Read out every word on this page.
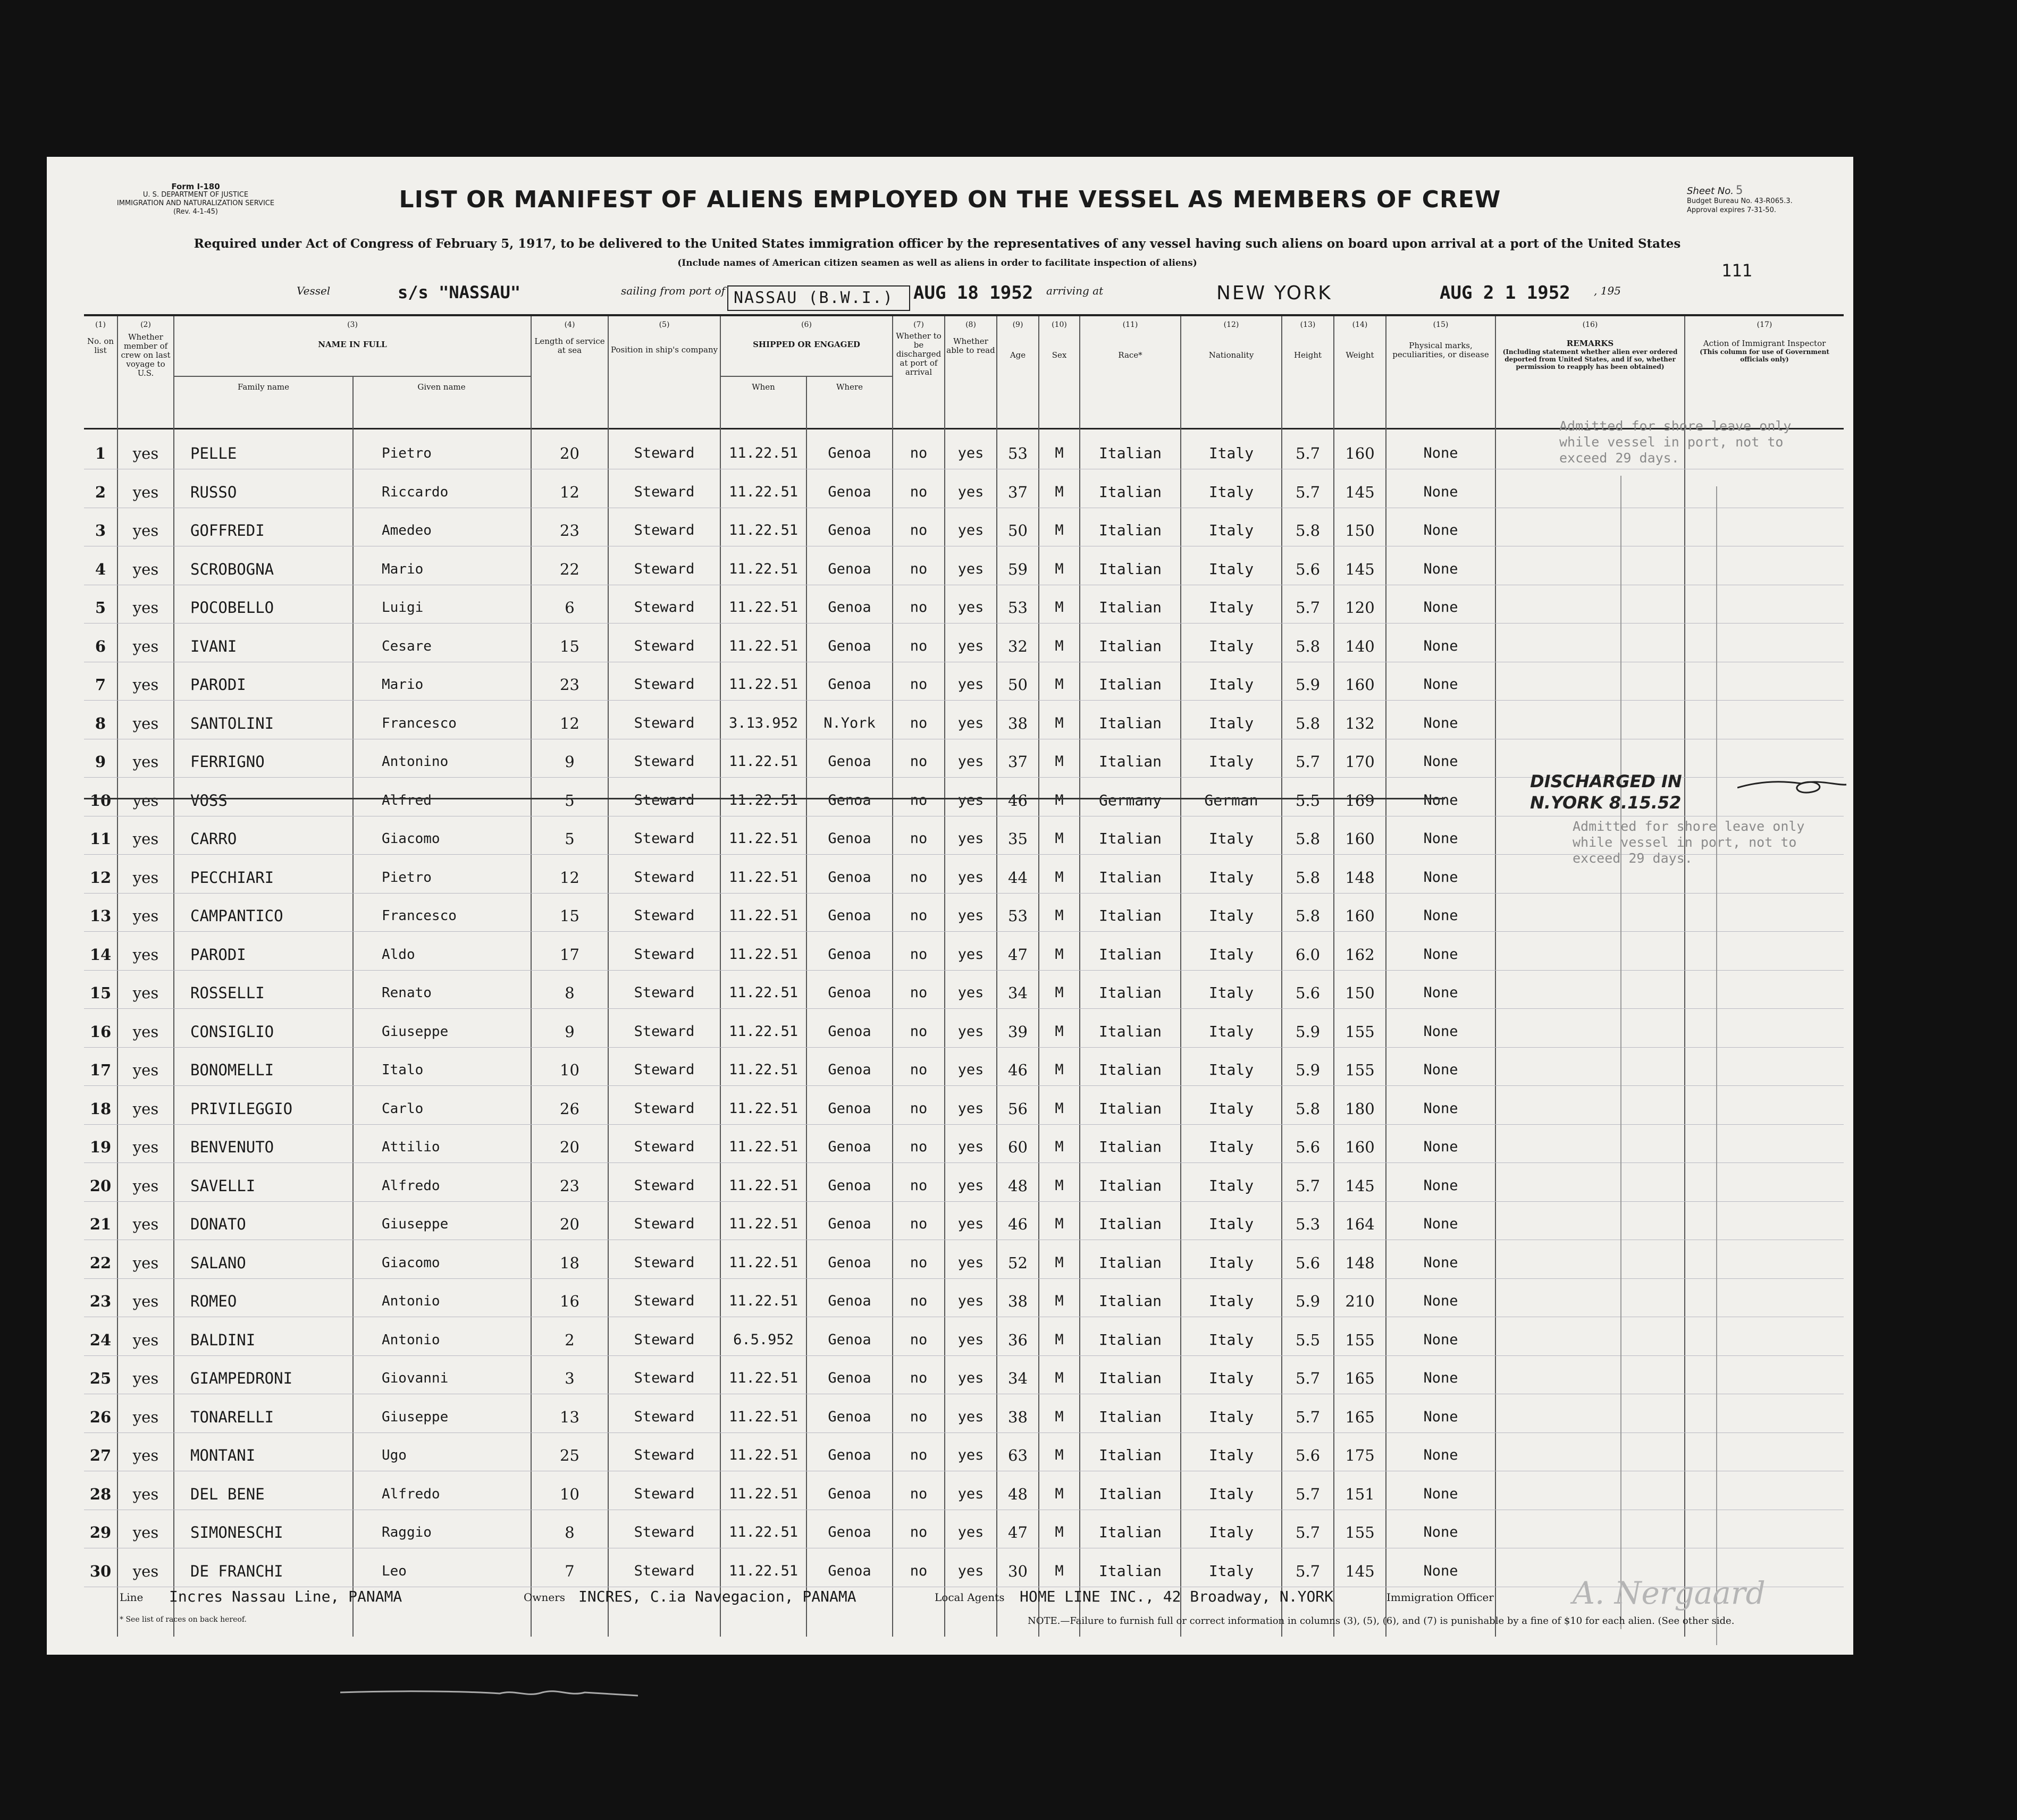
Form I-180
U. S. DEPARTMENT OF JUSTICE
IMMIGRATION AND NATURALIZATION SERVICE
(Rev. 4-1-45)	LIST OR MANIFEST OF ALIENS EMPLOYED ON THE VESSEL AS MEMBERS OF CREW
Required under Act of Congress of February 5, 1917, to be delivered to the United States immigration officer by the representatives of any vessel having such aliens on board upon arrival at a port of the United States
(Include names of American citizen seamen as well as aliens in order to facilitate inspection of aliens)
Sheet No. 5
Budget Bureau No. 43-R065.3.
Approval expires 7-31-50.
111
Vessel	s/s "NASSAU"	sailing from port of NASSAU (B.W.I.) AUG 18 1952 arriving at	NEW YORK	AUG 2 1 1952 , 195
(1)
No. on list
(2)
Whether member of crew on last voyage to U.S.
(3)
NAME IN FULL
Family name	Given name
(4)
Length of service at sea
(5)
Position in ship's company
(6)
SHIPPED OR ENGAGED
When	Where
(7)
Whether to be discharged at port of arrival
(8)
Whether able to read
(9)
Age
(10)
Sex
(11)
Race*
(12)
Nationality
(13)
Height
(14)
Weight
(15)
Physical marks, peculiarities, or disease
(16)
REMARKS
(Including statement whether alien ever ordered deported from United States, and if so, whether permission to reapply has been obtained)
(17)
Action of Immigrant Inspector
(This column for use of Government officials only)
1	yes	PELLE	Pietro	20	Steward	11.22.51	Genoa	no	yes	53	M	Italian	Italy	5.7	160	None
2	yes	RUSSO	Riccardo	12	Steward	11.22.51	Genoa	no	yes	37	M	Italian	Italy	5.7	145	None
3	yes	GOFFREDI	Amedeo	23	Steward	11.22.51	Genoa	no	yes	50	M	Italian	Italy	5.8	150	None
4	yes	SCROBOGNA	Mario	22	Steward	11.22.51	Genoa	no	yes	59	M	Italian	Italy	5.6	145	None
5	yes	POCOBELLO	Luigi	6	Steward	11.22.51	Genoa	no	yes	53	M	Italian	Italy	5.7	120	None
6	yes	IVANI	Cesare	15	Steward	11.22.51	Genoa	no	yes	32	M	Italian	Italy	5.8	140	None
7	yes	PARODI	Mario	23	Steward	11.22.51	Genoa	no	yes	50	M	Italian	Italy	5.9	160	None
8	yes	SANTOLINI	Francesco	12	Steward	3.13.952	N.York	no	yes	38	M	Italian	Italy	5.8	132	None
9	yes	FERRIGNO	Antonino	9	Steward	11.22.51	Genoa	no	yes	37	M	Italian	Italy	5.7	170	None
10	yes	VOSS	Alfred	5	Steward	11.22.51	Genoa	no	yes	46	M	Germany	German	5.5	169	None
11	yes	CARRO	Giacomo	5	Steward	11.22.51	Genoa	no	yes	35	M	Italian	Italy	5.8	160	None
12	yes	PECCHIARI	Pietro	12	Steward	11.22.51	Genoa	no	yes	44	M	Italian	Italy	5.8	148	None
13	yes	CAMPANTICO	Francesco	15	Steward	11.22.51	Genoa	no	yes	53	M	Italian	Italy	5.8	160	None
14	yes	PARODI	Aldo	17	Steward	11.22.51	Genoa	no	yes	47	M	Italian	Italy	6.0	162	None
15	yes	ROSSELLI	Renato	8	Steward	11.22.51	Genoa	no	yes	34	M	Italian	Italy	5.6	150	None
16	yes	CONSIGLIO	Giuseppe	9	Steward	11.22.51	Genoa	no	yes	39	M	Italian	Italy	5.9	155	None
17	yes	BONOMELLI	Italo	10	Steward	11.22.51	Genoa	no	yes	46	M	Italian	Italy	5.9	155	None
18	yes	PRIVILEGGIO	Carlo	26	Steward	11.22.51	Genoa	no	yes	56	M	Italian	Italy	5.8	180	None
19	yes	BENVENUTO	Attilio	20	Steward	11.22.51	Genoa	no	yes	60	M	Italian	Italy	5.6	160	None
20	yes	SAVELLI	Alfredo	23	Steward	11.22.51	Genoa	no	yes	48	M	Italian	Italy	5.7	145	None
21	yes	DONATO	Giuseppe	20	Steward	11.22.51	Genoa	no	yes	46	M	Italian	Italy	5.3	164	None
22	yes	SALANO	Giacomo	18	Steward	11.22.51	Genoa	no	yes	52	M	Italian	Italy	5.6	148	None
23	yes	ROMEO	Antonio	16	Steward	11.22.51	Genoa	no	yes	38	M	Italian	Italy	5.9	210	None
24	yes	BALDINI	Antonio	2	Steward	6.5.952	Genoa	no	yes	36	M	Italian	Italy	5.5	155	None
25	yes	GIAMPEDRONI	Giovanni	3	Steward	11.22.51	Genoa	no	yes	34	M	Italian	Italy	5.7	165	None
26	yes	TONARELLI	Giuseppe	13	Steward	11.22.51	Genoa	no	yes	38	M	Italian	Italy	5.7	165	None
27	yes	MONTANI	Ugo	25	Steward	11.22.51	Genoa	no	yes	63	M	Italian	Italy	5.6	175	None
28	yes	DEL BENE	Alfredo	10	Steward	11.22.51	Genoa	no	yes	48	M	Italian	Italy	5.7	151	None
29	yes	SIMONESCHI	Raggio	8	Steward	11.22.51	Genoa	no	yes	47	M	Italian	Italy	5.7	155	None
30	yes	DE FRANCHI	Leo	7	Steward	11.22.51	Genoa	no	yes	30	M	Italian	Italy	5.7	145	None
Admitted for shore leave only while vessel in port, not to exceed 29 days.
DISCHARGED IN N.YORK 8.15.52
Admitted for shore leave only while vessel in port, not to exceed 29 days.
Line Incres Nassau Line, PANAMA	Owners INCRES, C.ia Navegacion, PANAMA	Local Agents HOME LINE INC., 42 Broadway, N.YORK	Immigration Officer	A. Nergaard
* See list of races on back hereof.	NOTE.—Failure to furnish full or correct information in columns (3), (5), (6), and (7) is punishable by a fine of $10 for each alien. (See other side.
